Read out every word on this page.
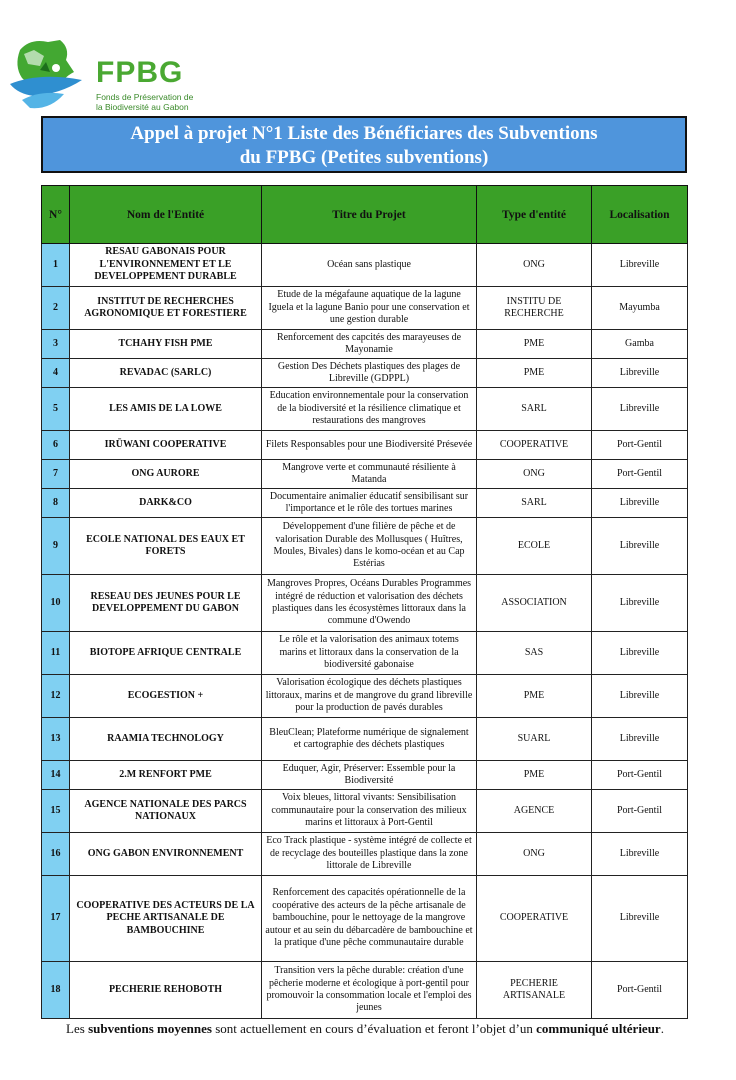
FPBG
Fonds de Préservation de
la Biodiversité au Gabon
Appel à projet N°1 Liste des Bénéficiares des Subventions
du FPBG (Petites subventions)
N°	Nom de l'Entité	Titre du Projet	Type d'entité	Localisation
1	RESAU GABONAIS POUR L'ENVIRONNEMENT ET LE DEVELOPPEMENT DURABLE	Océan sans plastique	ONG	Libreville
2	INSTITUT DE RECHERCHES AGRONOMIQUE ET FORESTIERE	Etude de la mégafaune aquatique de la lagune Iguela et la lagune Banio pour une conservation et une gestion durable	INSTITU DE RECHERCHE	Mayumba
3	TCHAHY FISH PME	Renforcement des capcités des marayeuses de Mayonamie	PME	Gamba
4	REVADAC (SARLC)	Gestion Des Déchets plastiques des plages de Libreville (GDPPL)	PME	Libreville
5	LES AMIS DE LA LOWE	Education environnementale pour la conservation de la biodiversité et la résilience climatique et restaurations des mangroves	SARL	Libreville
6	IRŪWANI COOPERATIVE	Filets Responsables pour une Biodiversité Présevée	COOPERATIVE	Port-Gentil
7	ONG AURORE	Mangrove verte et communauté résiliente à Matanda	ONG	Port-Gentil
8	DARK&CO	Documentaire animalier éducatif sensibilisant sur l'importance et le rôle des tortues marines	SARL	Libreville
9	ECOLE NATIONAL DES EAUX ET FORETS	Développement d'une filière de pêche et de valorisation Durable des Mollusques ( Huîtres, Moules, Bivales) dans le komo-océan et au Cap Estérias	ECOLE	Libreville
10	RESEAU DES JEUNES POUR LE DEVELOPPEMENT DU GABON	Mangroves Propres, Océans Durables Programmes intégré de réduction et valorisation des déchets plastiques dans les écosystèmes littoraux dans la commune d'Owendo	ASSOCIATION	Libreville
11	BIOTOPE AFRIQUE CENTRALE	Le rôle et la valorisation des animaux totems marins et littoraux dans la conservation de la biodiversité gabonaise	SAS	Libreville
12	ECOGESTION +	Valorisation écologique des déchets plastiques littoraux, marins et de mangrove du grand libreville pour la production de pavés durables	PME	Libreville
13	RAAMIA TECHNOLOGY	BleuClean; Plateforme numérique de signalement et cartographie des déchets plastiques	SUARL	Libreville
14	2.M RENFORT PME	Eduquer, Agir, Préserver: Essemble pour la Biodiversité	PME	Port-Gentil
15	AGENCE NATIONALE DES PARCS NATIONAUX	Voix bleues, littoral vivants: Sensibilisation communautaire pour la conservation des milieux marins et littoraux à Port-Gentil	AGENCE	Port-Gentil
16	ONG GABON ENVIRONNEMENT	Eco Track plastique - système intégré de collecte et de recyclage des bouteilles plastique dans la zone littorale de Libreville	ONG	Libreville
17	COOPERATIVE DES ACTEURS DE LA PECHE ARTISANALE DE BAMBOUCHINE	Renforcement des capacités opérationnelle de la coopérative des acteurs de la pêche artisanale de bambouchine, pour le nettoyage de la mangrove autour et au sein du débarcadère de bambouchine et la pratique d'une pêche communautaire durable	COOPERATIVE	Libreville
18	PECHERIE REHOBOTH	Transition vers la pêche durable: création d'une pêcherie moderne et écologique à port-gentil pour promouvoir la consommation locale et l'emploi des jeunes	PECHERIE ARTISANALE	Port-Gentil
Les subventions moyennes sont actuellement en cours d’évaluation et feront l’objet d’un communiqué ultérieur.
